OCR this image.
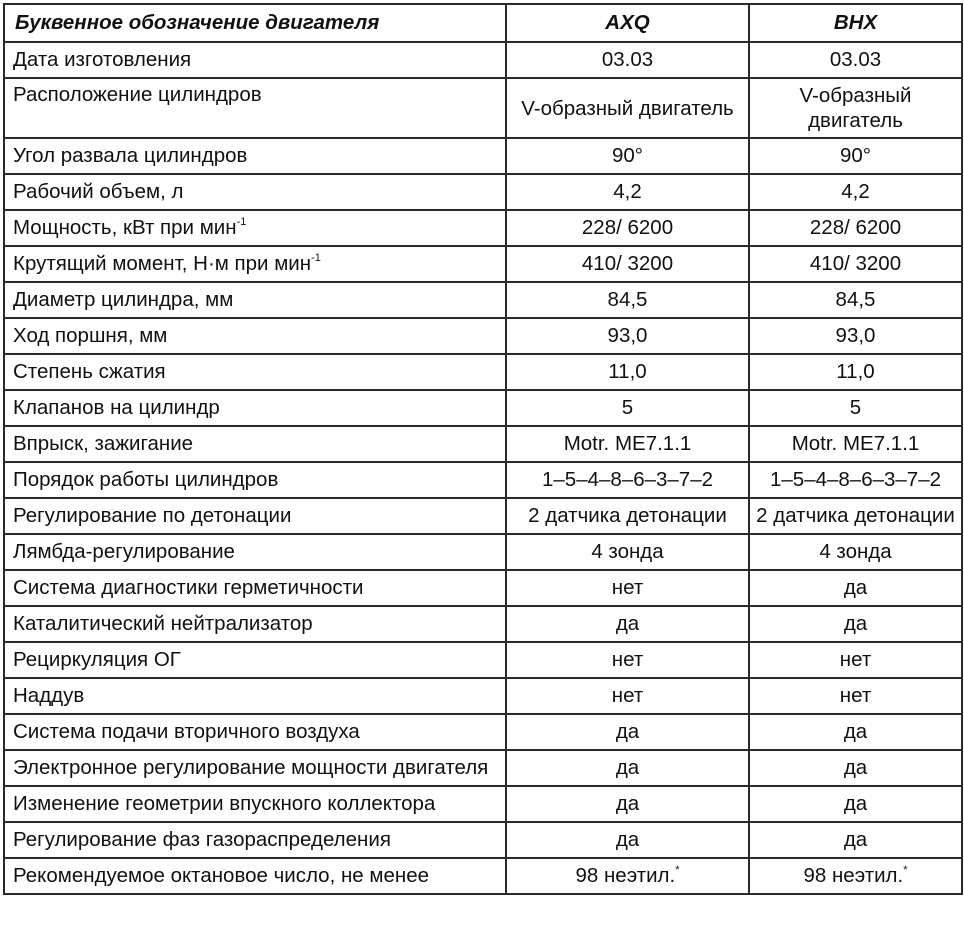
Буквенное обозначение двигателя	AXQ	BHX
Дата изготовления	03.03	03.03
Расположение цилиндров	V-образный двигатель	V-образный двигатель
Угол развала цилиндров	90°	90°
Рабочий объем, л	4,2	4,2
Мощность, кВт при мин$^{-1}$	228/ 6200	228/ 6200
Крутящий момент, Н·м при мин$^{-1}$	410/ 3200	410/ 3200
Диаметр цилиндра, мм	84,5	84,5
Ход поршня, мм	93,0	93,0
Степень сжатия	11,0	11,0
Клапанов на цилиндр	5	5
Впрыск, зажигание	Motr. ME7.1.1	Motr. ME7.1.1
Порядок работы цилиндров	1–5–4–8–6–3–7–2	1–5–4–8–6–3–7–2
Регулирование по детонации	2 датчика детонации	2 датчика детонации
Лямбда-регулирование	4 зонда	4 зонда
Система диагностики герметичности	нет	да
Каталитический нейтрализатор	да	да
Рециркуляция ОГ	нет	нет
Наддув	нет	нет
Система подачи вторичного воздуха	да	да
Электронное регулирование мощности двигателя	да	да
Изменение геометрии впускного коллектора	да	да
Регулирование фаз газораспределения	да	да
Рекомендуемое октановое число, не менее	98 неэтил.*	98 неэтил.*
